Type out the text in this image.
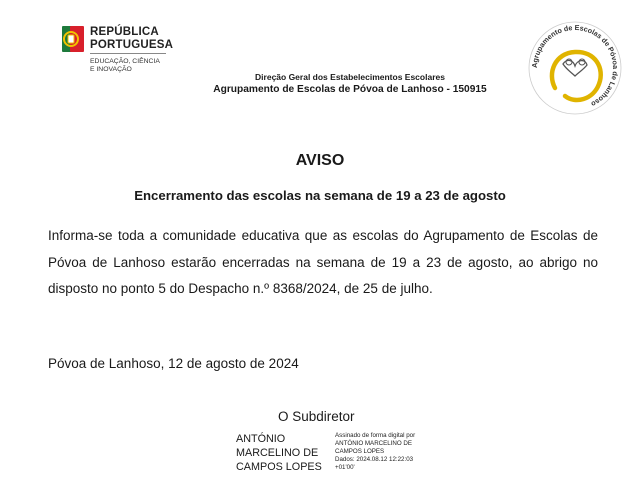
REPÚBLICA
PORTUGUESA
EDUCAÇÃO, CIÊNCIA
E INOVAÇÃO
Direção Geral dos Estabelecimentos Escolares
Agrupamento de Escolas de Póvoa de Lanhoso - 150915
Agrupamento de Escolas de Póvoa de Lanhoso
AVISO
Encerramento das escolas na semana de 19 a 23 de agosto

Informa-se toda a comunidade educativa que as escolas do Agrupamento de Escolas de Póvoa de Lanhoso estarão encerradas na semana de 19 a 23 de agosto, ao abrigo no disposto no ponto 5 do Despacho n.º 8368/2024, de 25 de julho.

Póvoa de Lanhoso, 12 de agosto de 2024
O Subdiretor
ANTÓNIO
MARCELINO DE
CAMPOS LOPES
Assinado de forma digital por
ANTÓNIO MARCELINO DE
CAMPOS LOPES
Dados: 2024.08.12 12:22:03
+01'00'
